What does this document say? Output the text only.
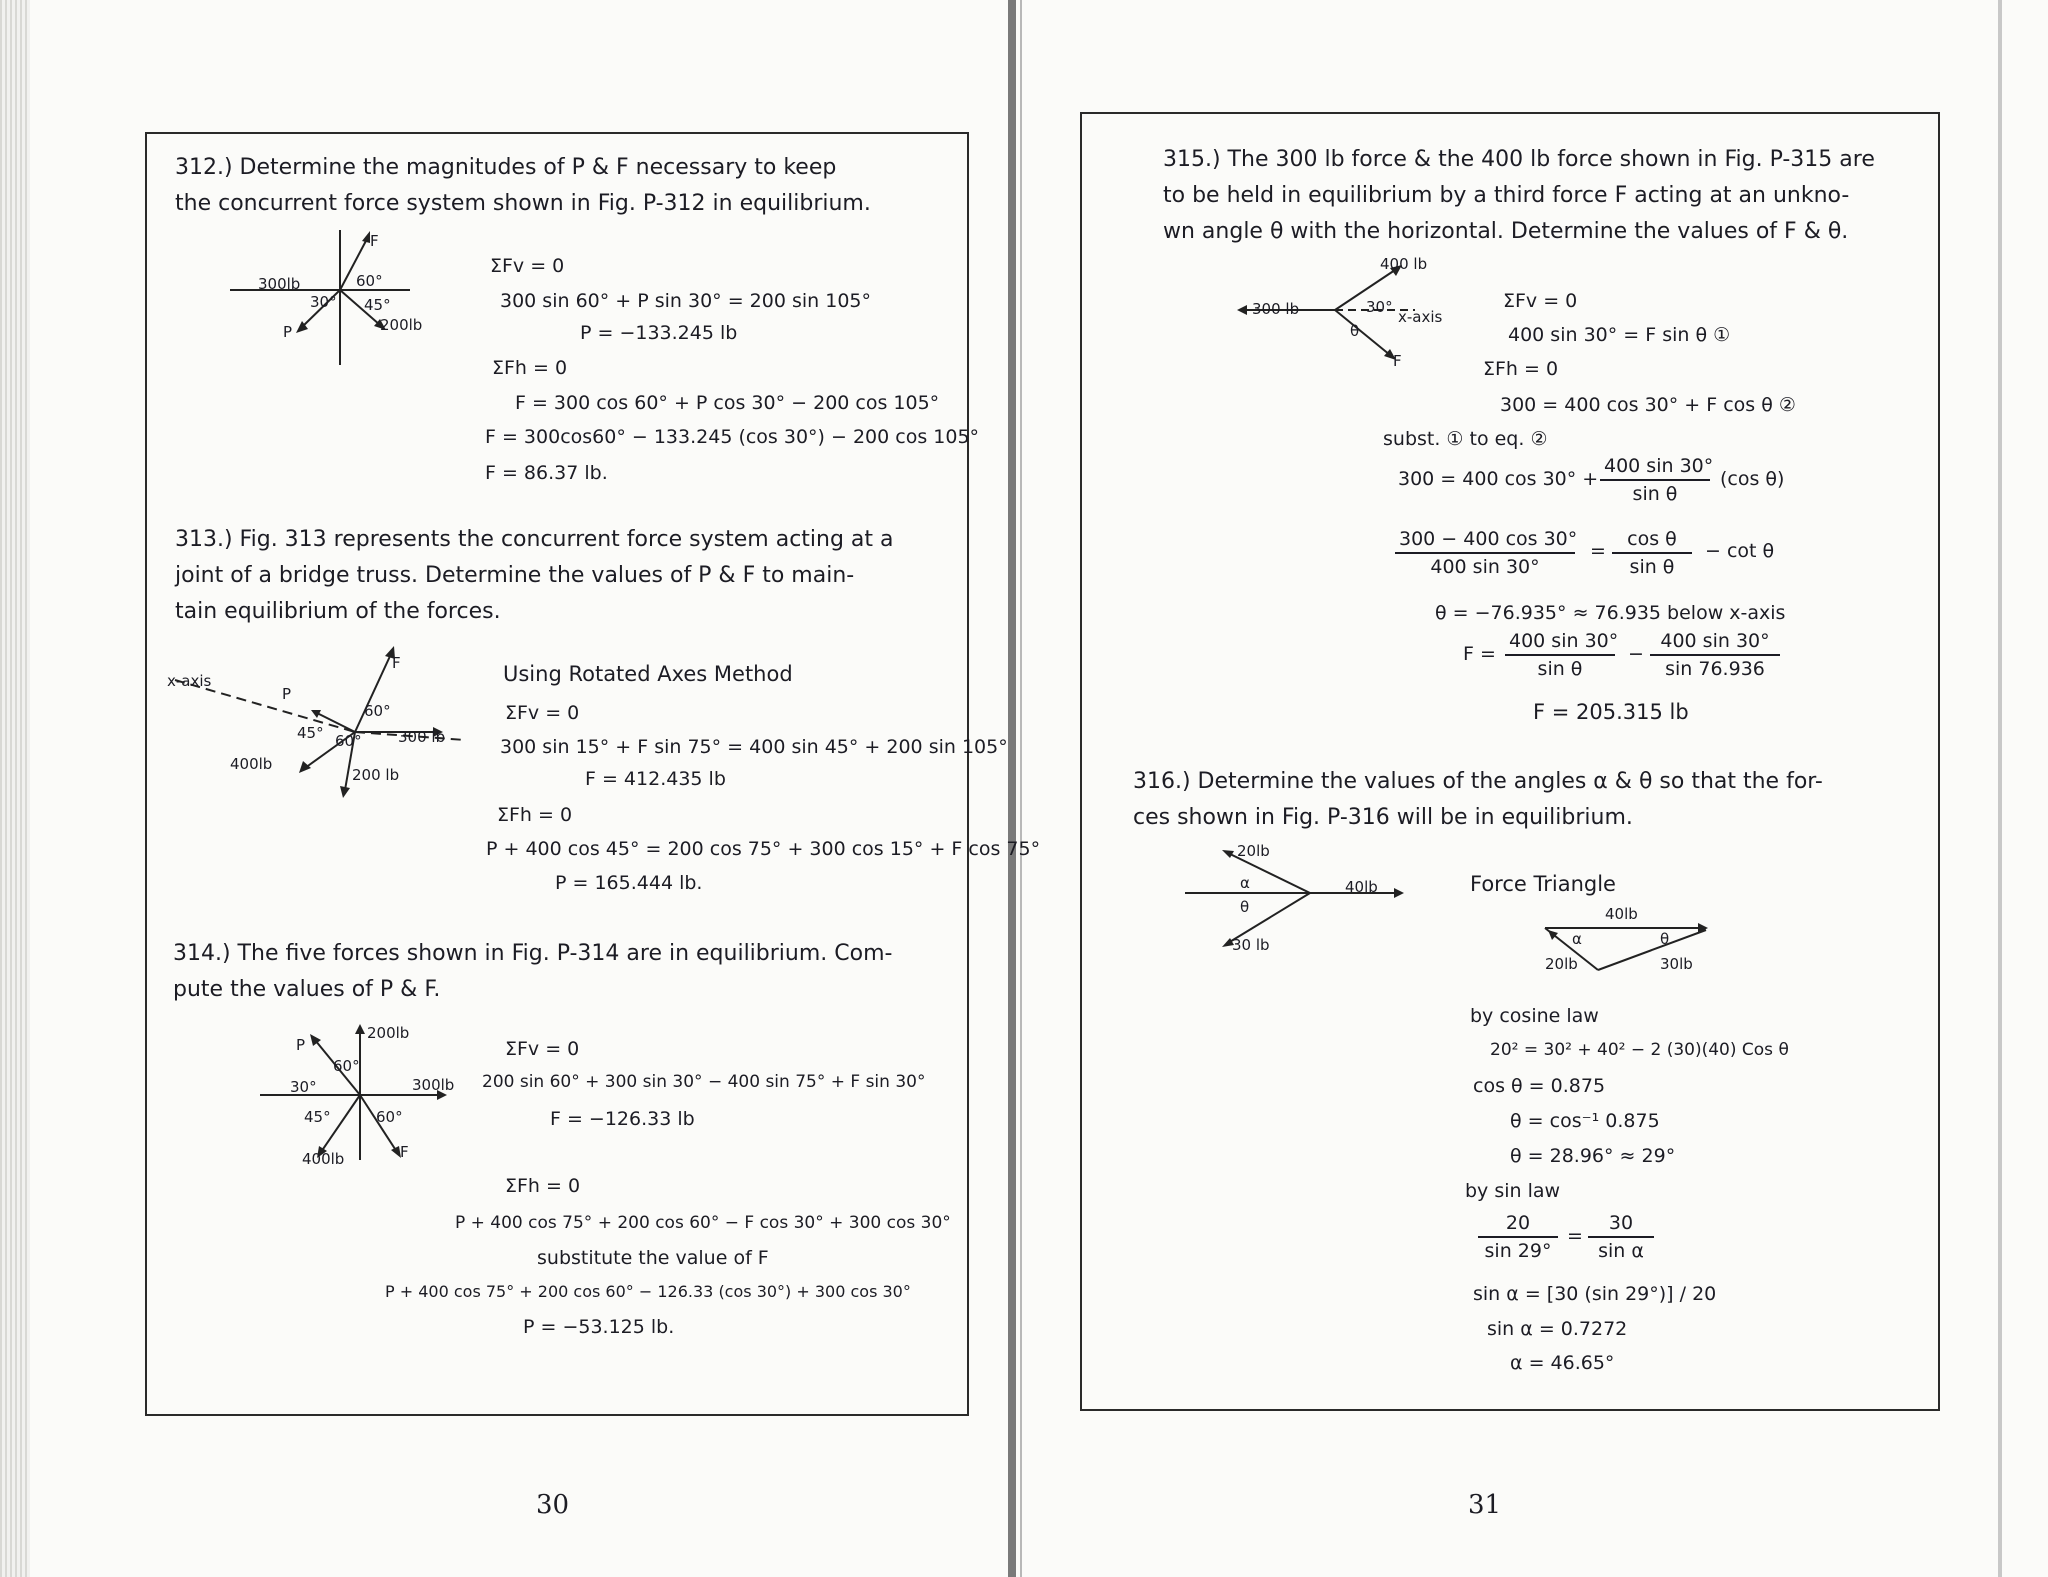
312.) Determine the magnitudes of P & F necessary to keep
the concurrent force system shown in Fig. P-312 in equilibrium.
F
300lb	60°
30° 45°
200lb
P
ΣFv = 0
300 sin 60° + P sin 30° = 200 sin 105°
P = −133.245 lb
ΣFh = 0
F = 300 cos 60° + P cos 30° − 200 cos 105°
F = 300cos60° − 133.245 (cos 30°) − 200 cos 105°
F = 86.37 lb.
313.) Fig. 313 represents the concurrent force system acting at a
joint of a bridge truss. Determine the values of P & F to main-
tain equilibrium of the forces.
x-axis
P
F
60°
45° 60° 300 lb
400lb
200 lb
Using Rotated Axes Method
ΣFv = 0
300 sin 15° + F sin 75° = 400 sin 45° + 200 sin 105°
F = 412.435 lb
ΣFh = 0
P + 400 cos 45° = 200 cos 75° + 300 cos 15° + F cos 75°
P = 165.444 lb.
314.) The five forces shown in Fig. P-314 are in equilibrium. Com-
pute the values of P & F.
200lb
P
60°
30°	300lb
45°	60°
400lb	F
ΣFv = 0
200 sin 60° + 300 sin 30° − 400 sin 75° + F sin 30°
F = −126.33 lb
ΣFh = 0
P + 400 cos 75° + 200 cos 60° − F cos 30° + 300 cos 30°
substitute the value of F
P + 400 cos 75° + 200 cos 60° − 126.33 (cos 30°) + 300 cos 30°
P = −53.125 lb.
30
315.) The 300 lb force & the 400 lb force shown in Fig. P-315 are
to be held in equilibrium by a third force F acting at an unkno-
wn angle θ with the horizontal. Determine the values of F & θ.
400 lb
300 lb	30°
x-axis
θ
F
ΣFv = 0
400 sin 30° = F sin θ ①
ΣFh = 0
300 = 400 cos 30° + F cos θ ②
subst. ① to eq. ②
300 = 400 $\cos 30^\circ + \frac{400 \sin 30^\circ}{\text{sin θ}} (\cos$ θ)
$\frac{300 - 400 \cos 30^\circ}{400 \sin 30^\circ} = \frac{\text{cos θ}}{\text{sin θ}} - \cot \theta$
θ = −76.935° ≈ 76.935 below x-axis
$F = \frac{400 \sin 30^\circ}{\text{sin θ}} - \frac{400 \sin 30^\circ}{\sin 76.936}$
F = 205.315 lb
316.) Determine the values of the angles α & θ so that the for-
ces shown in Fig. P-316 will be in equilibrium.
20lb
40lb
α
θ
30 lb
Force Triangle
40lb
α	θ
20lb	30lb
by cosine law
20² = 30² + 40² − 2 (30)(40) Cos θ
cos θ = 0.875
θ = cos⁻¹ 0.875
θ = 28.96° ≈ 29°
by sin law
$\frac{20}{\sin 29^\circ} = \frac{30}{\text{sin α}}$
sin α = [30 (sin 29°)] / 20
sin α = 0.7272
α = 46.65°
31
